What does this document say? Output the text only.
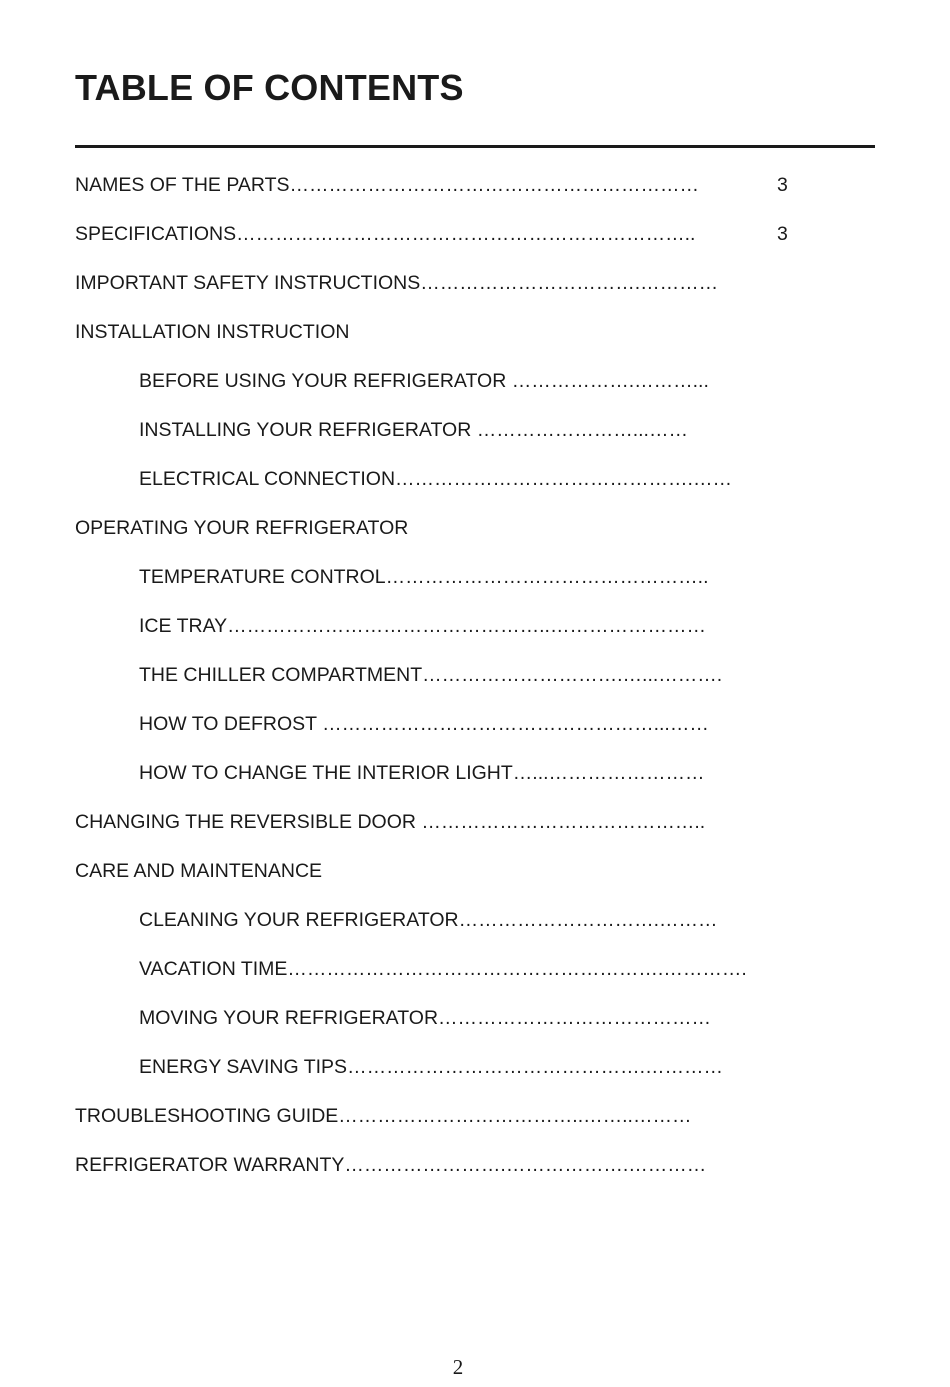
TABLE OF CONTENTS
NAMES OF THE PARTS………………………………………………………	3
SPECIFICATIONS……………………………………………………………..	3
IMPORTANT SAFETY INSTRUCTIONS…………………………….…………
INSTALLATION INSTRUCTION
BEFORE USING YOUR REFRIGERATOR ……………….………...
INSTALLING YOUR REFRIGERATOR ……………………...……
ELECTRICAL CONNECTION……………………………………….……
OPERATING YOUR REFRIGERATOR
TEMPERATURE CONTROL…………………………………………..
ICE TRAY…………………………………………..……………………
THE CHILLER COMPARTMENT………………………….…...……….
HOW TO DEFROST ……………………………………………...……
HOW TO CHANGE THE INTERIOR LIGHT…...……………………
CHANGING THE REVERSIBLE DOOR ……………………………………..
CARE AND MAINTENANCE
CLEANING YOUR REFRIGERATOR………………………….………
VACATION TIME………………………………………………….………….
MOVING YOUR REFRIGERATOR……………………………………
ENERGY SAVING TIPS……………………………………….…………
TROUBLESHOOTING GUIDE………………………………..……..………
REFRIGERATOR WARRANTY…………………….……………….…………
2
